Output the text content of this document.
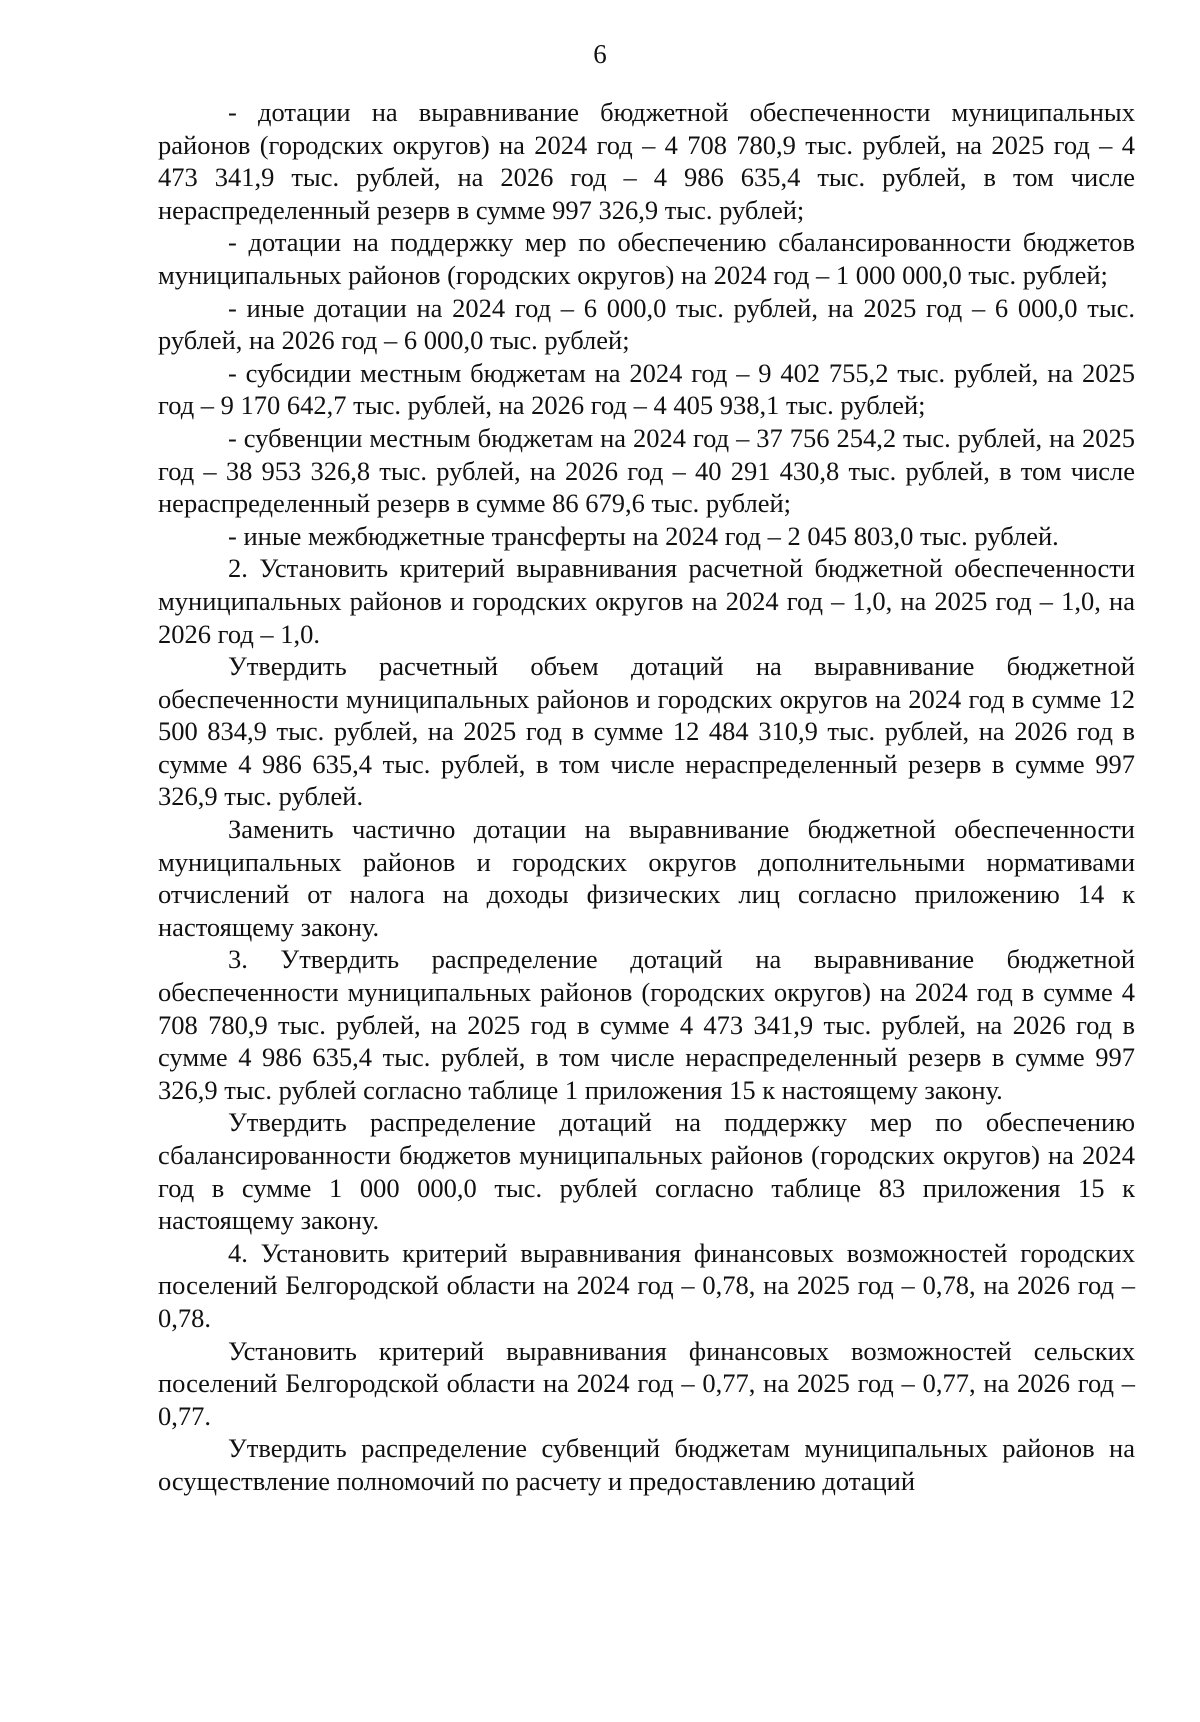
6

- дотации на выравнивание бюджетной обеспеченности муниципальных районов (городских округов) на 2024 год – 4 708 780,9 тыс. рублей, на 2025 год – 4 473 341,9 тыс. рублей, на 2026 год – 4 986 635,4 тыс. рублей, в том числе нераспределенный резерв в сумме 997 326,9 тыс. рублей;

- дотации на поддержку мер по обеспечению сбалансированности бюджетов муниципальных районов (городских округов) на 2024 год – 1 000 000,0 тыс. рублей;

- иные дотации на 2024 год – 6 000,0 тыс. рублей, на 2025 год – 6 000,0 тыс. рублей, на 2026 год – 6 000,0 тыс. рублей;

- субсидии местным бюджетам на 2024 год – 9 402 755,2 тыс. рублей, на 2025 год – 9 170 642,7 тыс. рублей, на 2026 год – 4 405 938,1 тыс. рублей;

- субвенции местным бюджетам на 2024 год – 37 756 254,2 тыс. рублей, на 2025 год – 38 953 326,8 тыс. рублей, на 2026 год – 40 291 430,8 тыс. рублей, в том числе нераспределенный резерв в сумме 86 679,6 тыс. рублей;

- иные межбюджетные трансферты на 2024 год – 2 045 803,0 тыс. рублей.

2. Установить критерий выравнивания расчетной бюджетной обеспеченности муниципальных районов и городских округов на 2024 год – 1,0, на 2025 год – 1,0, на 2026 год – 1,0.

Утвердить расчетный объем дотаций на выравнивание бюджетной обеспеченности муниципальных районов и городских округов на 2024 год в сумме 12 500 834,9 тыс. рублей, на 2025 год в сумме 12 484 310,9 тыс. рублей, на 2026 год в сумме 4 986 635,4 тыс. рублей, в том числе нераспределенный резерв в сумме 997 326,9 тыс. рублей.

Заменить частично дотации на выравнивание бюджетной обеспеченности муниципальных районов и городских округов дополнительными нормативами отчислений от налога на доходы физических лиц согласно приложению 14 к настоящему закону.

3. Утвердить распределение дотаций на выравнивание бюджетной обеспеченности муниципальных районов (городских округов) на 2024 год в сумме 4 708 780,9 тыс. рублей, на 2025 год в сумме 4 473 341,9 тыс. рублей, на 2026 год в сумме 4 986 635,4 тыс. рублей, в том числе нераспределенный резерв в сумме 997 326,9 тыс. рублей согласно таблице 1 приложения 15 к настоящему закону.

Утвердить распределение дотаций на поддержку мер по обеспечению сбалансированности бюджетов муниципальных районов (городских округов) на 2024 год в сумме 1 000 000,0 тыс. рублей согласно таблице 83 приложения 15 к настоящему закону.

4. Установить критерий выравнивания финансовых возможностей городских поселений Белгородской области на 2024 год – 0,78, на 2025 год – 0,78, на 2026 год – 0,78.

Установить критерий выравнивания финансовых возможностей сельских поселений Белгородской области на 2024 год – 0,77, на 2025 год – 0,77, на 2026 год – 0,77.

Утвердить распределение субвенций бюджетам муниципальных районов на осуществление полномочий по расчету и предоставлению дотаций
